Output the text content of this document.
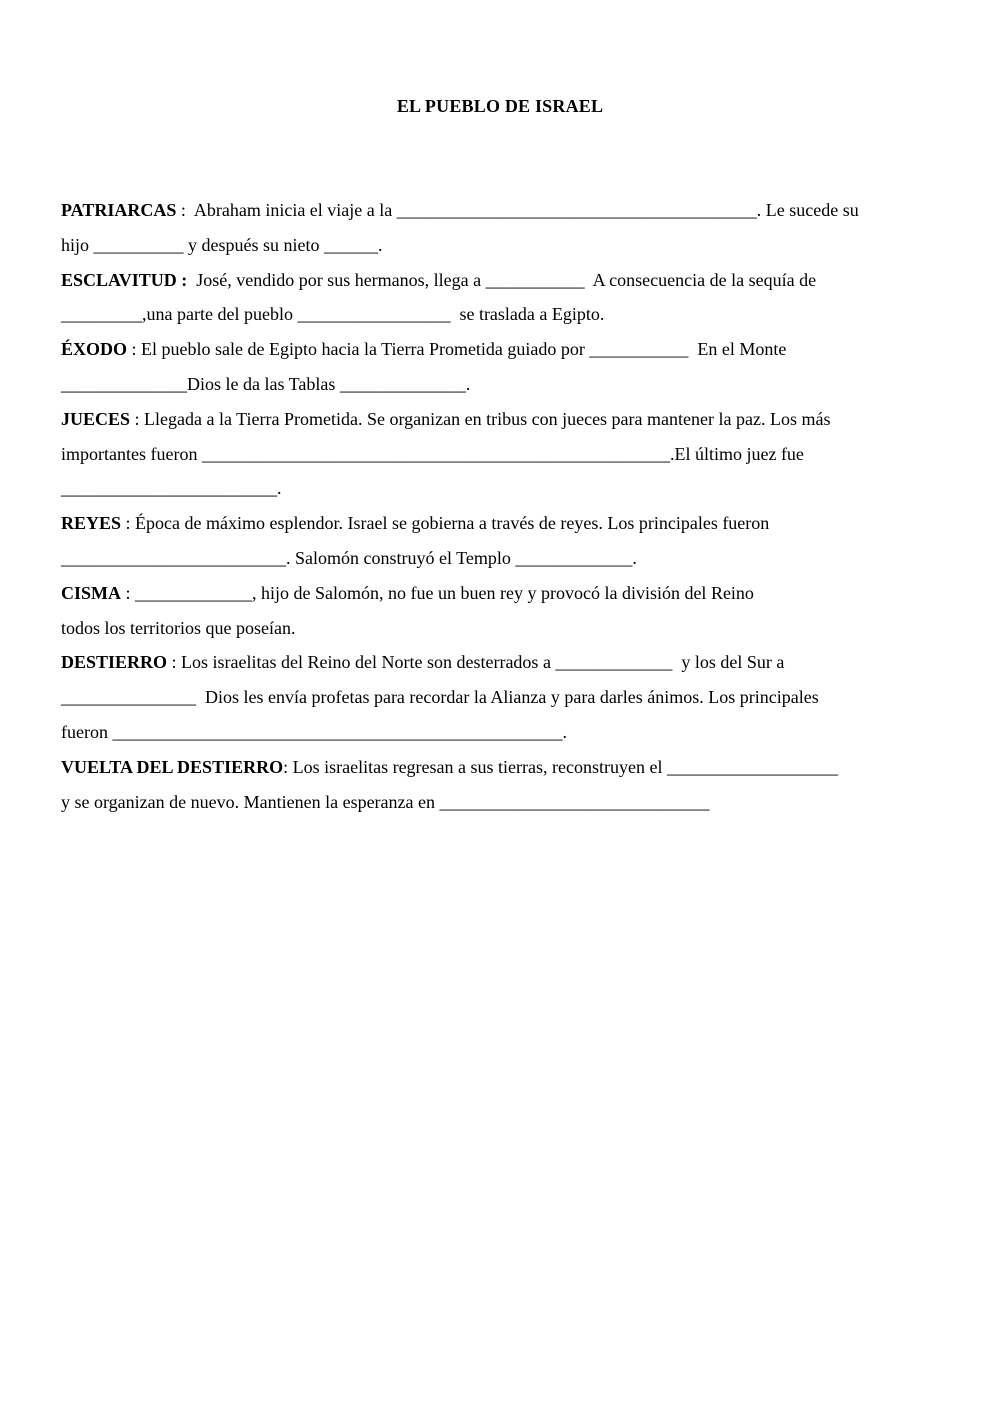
EL PUEBLO DE ISRAEL
PATRIARCAS :  Abraham inicia el viaje a la ________________________________________. Le sucede su
hijo __________ y después su nieto ______.
ESCLAVITUD :  José, vendido por sus hermanos, llega a ___________  A consecuencia de la sequía de
_________,una parte del pueblo _________________  se traslada a Egipto.
ÉXODO : El pueblo sale de Egipto hacia la Tierra Prometida guiado por ___________  En el Monte
______________Dios le da las Tablas ______________.
JUECES : Llegada a la Tierra Prometida. Se organizan en tribus con jueces para mantener la paz. Los más
importantes fueron ____________________________________________________.El último juez fue
________________________.
REYES : Época de máximo esplendor. Israel se gobierna a través de reyes. Los principales fueron
_________________________. Salomón construyó el Templo _____________.
CISMA : _____________, hijo de Salomón, no fue un buen rey y provocó la división del Reino
todos los territorios que poseían.
DESTIERRO : Los israelitas del Reino del Norte son desterrados a _____________  y los del Sur a
_______________  Dios les envía profetas para recordar la Alianza y para darles ánimos. Los principales
fueron __________________________________________________.
VUELTA DEL DESTIERRO: Los israelitas regresan a sus tierras, reconstruyen el ___________________
y se organizan de nuevo. Mantienen la esperanza en ______________________________
